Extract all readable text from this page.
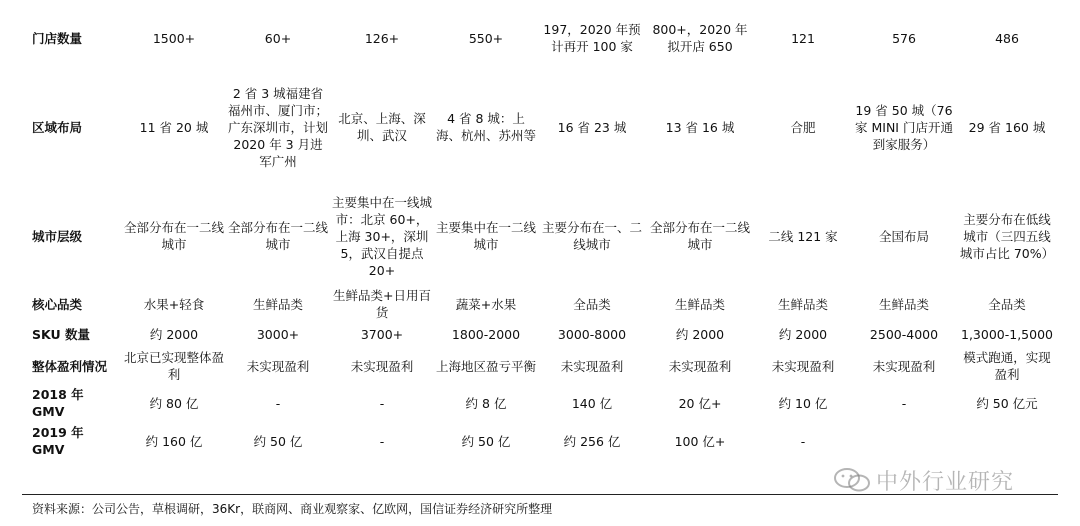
门店数量	1500+	60+	126+	550+	197，2020 年预计再开 100 家	800+，2020 年拟开店 650	121	576	486
区域布局	11 省 20 城	2 省 3 城福建省福州市、厦门市；广东深圳市，计划 2020 年 3 月进军广州	北京、上海、深圳、武汉	4 省 8 城：上海、杭州、苏州等	16 省 23 城	13 省 16 城	合肥	19 省 50 城（76 家 MINI 门店开通到家服务）	29 省 160 城
城市层级	全部分布在一二线城市	全部分布在一二线城市	主要集中在一线城市：北京 60+，上海 30+，深圳 5，武汉自提点 20+	主要集中在一二线城市	主要分布在一、二线城市	全部分布在一二线城市	二线 121 家	全国布局	主要分布在低线城市（三四五线城市占比 70%）
核心品类	水果+轻食	生鲜品类	生鲜品类+日用百货	蔬菜+水果	全品类	生鲜品类	生鲜品类	生鲜品类	全品类
SKU 数量	约 2000	3000+	3700+	1800-2000	3000-8000	约 2000	约 2000	2500-4000	1,3000-1,5000
整体盈利情况	北京已实现整体盈利	未实现盈利	未实现盈利	上海地区盈亏平衡	未实现盈利	未实现盈利	未实现盈利	未实现盈利	模式跑通，实现盈利
2018 年 GMV	约 80 亿	-	-	约 8 亿	140 亿	20 亿+	约 10 亿	-	约 50 亿元
2019 年 GMV	约 160 亿	约 50 亿	-	约 50 亿	约 256 亿	100 亿+	-		
中外行业研究
资料来源：公司公告，草根调研，36Kr，联商网、商业观察家、亿欧网，国信证券经济研究所整理
